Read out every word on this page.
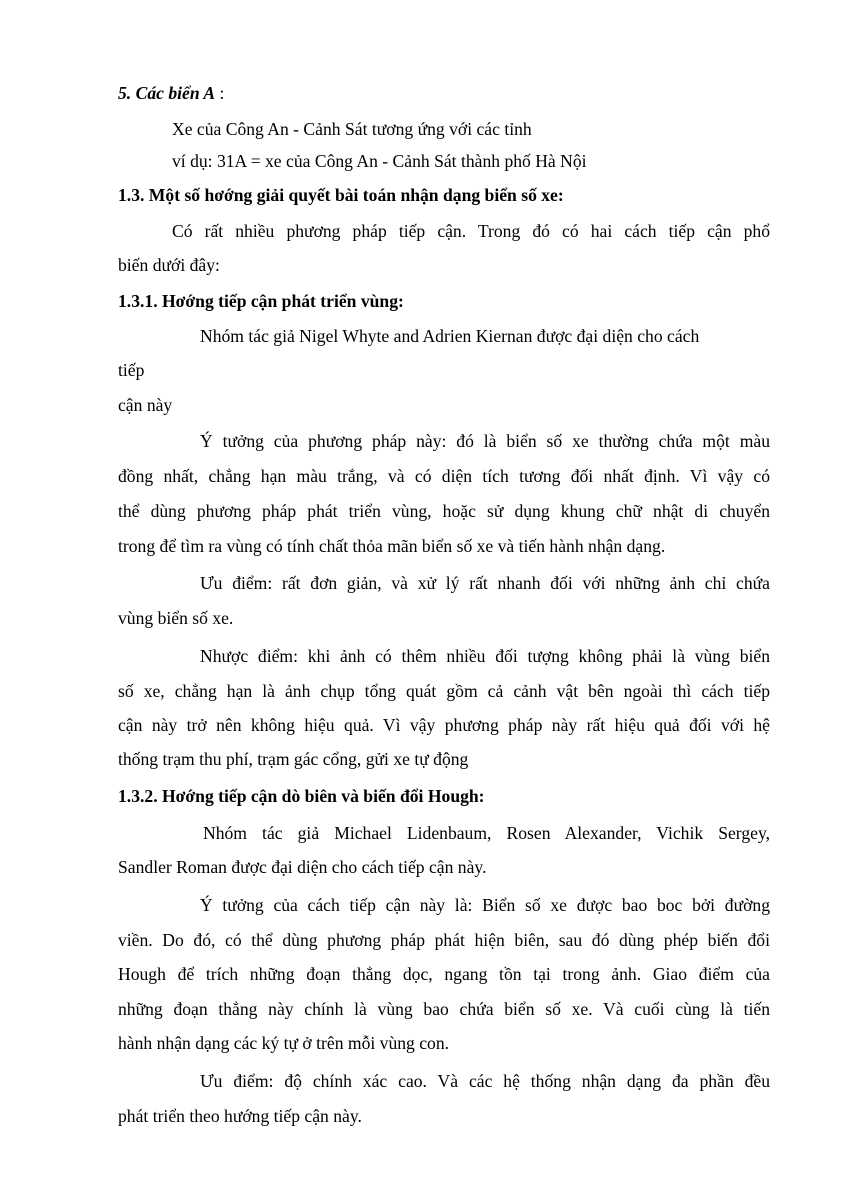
5. Các biển A :
Xe của Công An - Cảnh Sát tương ứng với các tỉnh
ví dụ: 31A = xe của Công An - Cảnh Sát thành phố Hà Nội
1.3. Một số hơớng giải quyết bài toán nhận dạng biển số xe:
Có rất nhiều phương pháp tiếp cận. Trong đó có hai cách tiếp cận phổ
biến dưới đây:
1.3.1. Hơớng tiếp cận phát triển vùng:
Nhóm tác giả Nigel Whyte and Adrien Kiernan được đại diện cho cách
tiếp
cận này
Ý tưởng của phương pháp này: đó là biển số xe thường chứa một màu
đồng nhất, chẳng hạn màu trắng, và có diện tích tương đối nhất định. Vì vậy có
thể dùng phương pháp phát triển vùng, hoặc sử dụng khung chữ nhật di chuyển
trong để tìm ra vùng có tính chất thỏa mãn biển số xe và tiến hành nhận dạng.
Ưu điểm: rất đơn giản, và xử lý rất nhanh đối với những ảnh chỉ chứa
vùng biển số xe.
Nhược điểm: khi ảnh có thêm nhiều đối tượng không phải là vùng biển
số xe, chẳng hạn là ảnh chụp tổng quát gồm cả cảnh vật bên ngoài thì cách tiếp
cận này trở nên không hiệu quả. Vì vậy phương pháp này rất hiệu quả đối với hệ
thống trạm thu phí, trạm gác cổng, gửi xe tự động
1.3.2. Hơớng tiếp cận dò biên và biến đổi Hough:
Nhóm tác giả Michael Lidenbaum, Rosen Alexander, Vichik Sergey,
Sandler Roman được đại diện cho cách tiếp cận này.
Ý tưởng của cách tiếp cận này là: Biển số xe được bao boc bởi đường
viền. Do đó, có thể dùng phương pháp phát hiện biên, sau đó dùng phép biến đổi
Hough để trích những đoạn thẳng dọc, ngang tồn tại trong ảnh. Giao điểm của
những đoạn thẳng này chính là vùng bao chứa biển số xe. Và cuối cùng là tiến
hành nhận dạng các ký tự ở trên mỗi vùng con.
Ưu điểm: độ chính xác cao. Và các hệ thống nhận dạng đa phần đều
phát triển theo hướng tiếp cận này.
